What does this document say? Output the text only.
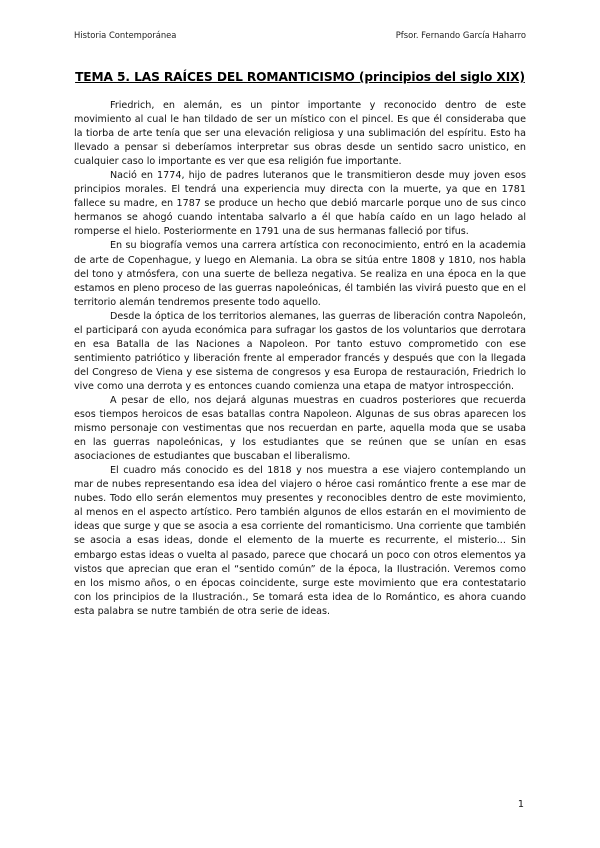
Historia Contemporánea	Pfsor. Fernando García Haharro
TEMA 5. LAS RAÍCES DEL ROMANTICISMO (principios del siglo XIX)

Friedrich, en alemán, es un pintor importante y reconocido dentro de este movimiento al cual le han tildado de ser un místico con el pincel. Es que él consideraba que la tiorba de arte tenía que ser una elevación religiosa y una sublimación del espíritu. Esto ha llevado a pensar si deberíamos interpretar sus obras desde un sentido sacro unistico, en cualquier caso lo importante es ver que esa religión fue importante.

Nació en 1774, hijo de padres luteranos que le transmitieron desde muy joven esos principios morales. El tendrá una experiencia muy directa con la muerte, ya que en 1781 fallece su madre, en 1787 se produce un hecho que debió marcarle porque uno de sus cinco hermanos se ahogó cuando intentaba salvarlo a él que había caído en un lago helado al romperse el hielo. Posteriormente en 1791 una de sus hermanas falleció por tifus.

En su biografía vemos una carrera artística con reconocimiento, entró en la academia de arte de Copenhague, y luego en Alemania. La obra se sitúa entre 1808 y 1810, nos habla del tono y atmósfera, con una suerte de belleza negativa. Se realiza en una época en la que estamos en pleno proceso de las guerras napoleónicas, él también las vivirá puesto que en el territorio alemán tendremos presente todo aquello.

Desde la óptica de los territorios alemanes, las guerras de liberación contra Napoleón, el participará con ayuda económica para sufragar los gastos de los voluntarios que derrotara en esa Batalla de las Naciones a Napoleon. Por tanto estuvo comprometido con ese sentimiento patriótico y liberación frente al emperador francés y después que con la llegada del Congreso de Viena y ese sistema de congresos y esa Europa de restauración, Friedrich lo vive como una derrota y es entonces cuando comienza una etapa de matyor introspección.

A pesar de ello, nos dejará algunas muestras en cuadros posteriores que recuerda esos tiempos heroicos de esas batallas contra Napoleon. Algunas de sus obras aparecen los mismo personaje con vestimentas que nos recuerdan en parte, aquella moda que se usaba en las guerras napoleónicas, y los estudiantes que se reúnen que se unían en esas asociaciones de estudiantes que buscaban el liberalismo.

El cuadro más conocido es del 1818 y nos muestra a ese viajero contemplando un mar de nubes representando esa idea del viajero o héroe casi romántico frente a ese mar de nubes. Todo ello serán elementos muy presentes y reconocibles dentro de este movimiento, al menos en el aspecto artístico. Pero también algunos de ellos estarán en el movimiento de ideas que surge y que se asocia a esa corriente del romanticismo. Una corriente que también se asocia a esas ideas, donde el elemento de la muerte es recurrente, el misterio... Sin embargo estas ideas o vuelta al pasado, parece que chocará un poco con otros elementos ya vistos que aprecian que eran el “sentido común” de la época, la Ilustración. Veremos como en los mismo años, o en épocas coincidente, surge este movimiento que era contestatario con los principios de la Ilustración., Se tomará esta idea de lo Romántico, es ahora cuando esta palabra se nutre también de otra serie de ideas.

1
